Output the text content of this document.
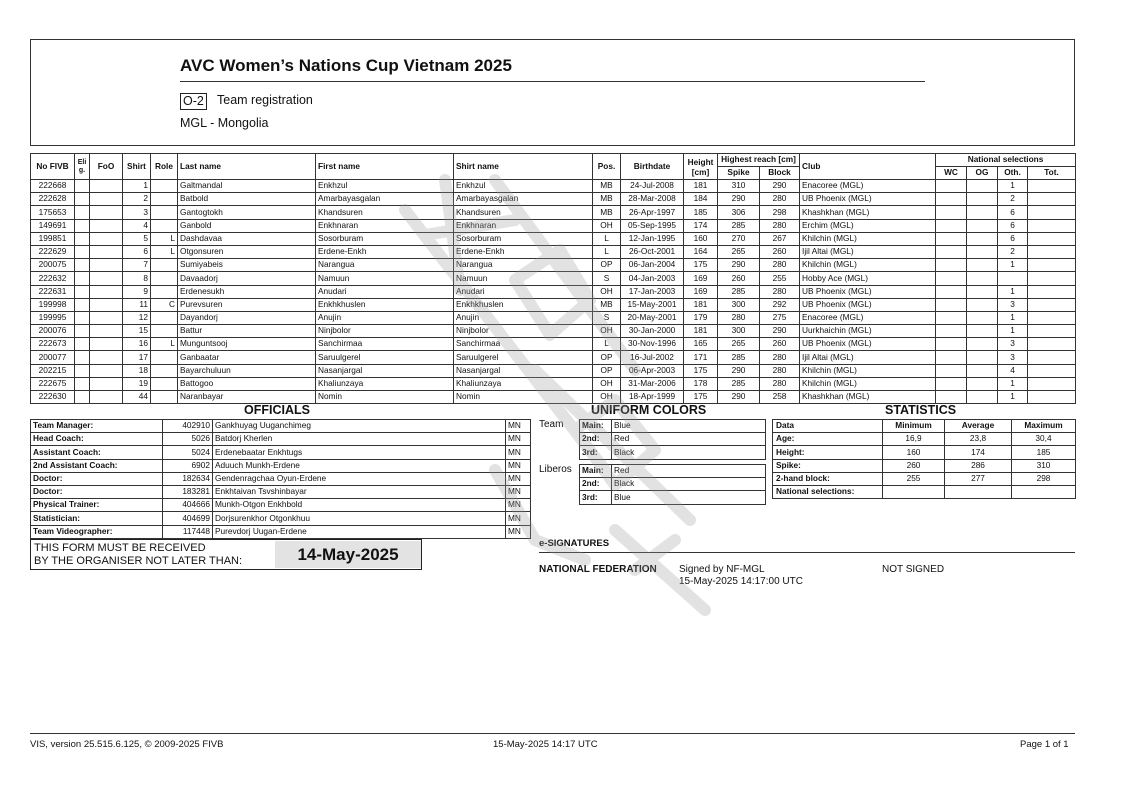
AVC Women’s Nations Cup Vietnam 2025
O-2 Team registration
MGL - Mongolia
No FIVB	Eli g.	FoO	Shirt	Role	Last name	First name	Shirt name	Pos.	Birthdate	Height [cm]	Highest reach [cm]		Club	National selections			
											Spike	Block		WC	OG	Oth.	Tot.
222668			1		Galtmandal	Enkhzul	Enkhzul	MB	24-Jul-2008	181	310	290	Enacoree (MGL)			1	
222628			2		Batbold	Amarbayasgalan	Amarbayasgalan	MB	28-Mar-2008	184	290	280	UB Phoenix (MGL)			2	
175653			3		Gantogtokh	Khandsuren	Khandsuren	MB	26-Apr-1997	185	306	298	Khashkhan (MGL)			6	
149691			4		Ganbold	Enkhnaran	Enkhnaran	OH	05-Sep-1995	174	285	280	Erchim (MGL)			6	
199851			5	L	Dashdavaa	Sosorburam	Sosorburam	L	12-Jan-1995	160	270	267	Khilchin (MGL)			6	
222629			6	L	Otgonsuren	Erdene-Enkh	Erdene-Enkh	L	26-Oct-2001	164	265	260	Ijil Altai (MGL)			2	
200075			7		Sumiyabeis	Narangua	Narangua	OP	06-Jan-2004	175	290	280	Khilchin (MGL)			1	
222632			8		Davaadorj	Namuun	Namuun	S	04-Jan-2003	169	260	255	Hobby Ace (MGL)				
222631			9		Erdenesukh	Anudari	Anudari	OH	17-Jan-2003	169	285	280	UB Phoenix (MGL)			1	
199998			11	C	Purevsuren	Enkhkhuslen	Enkhkhuslen	MB	15-May-2001	181	300	292	UB Phoenix (MGL)			3	
199995			12		Dayandorj	Anujin	Anujin	S	20-May-2001	179	280	275	Enacoree (MGL)			1	
200076			15		Battur	Ninjbolor	Ninjbolor	OH	30-Jan-2000	181	300	290	Uurkhaichin (MGL)			1	
222673			16	L	Munguntsooj	Sanchirmaa	Sanchirmaa	L	30-Nov-1996	165	265	260	UB Phoenix (MGL)			3	
200077			17		Ganbaatar	Saruulgerel	Saruulgerel	OP	16-Jul-2002	171	285	280	Ijil Altai (MGL)			3	
202215			18		Bayarchuluun	Nasanjargal	Nasanjargal	OP	06-Apr-2003	175	290	280	Khilchin (MGL)			4	
222675			19		Battogoo	Khaliunzaya	Khaliunzaya	OH	31-Mar-2006	178	285	280	Khilchin (MGL)			1	
222630			44		Naranbayar	Nomin	Nomin	OH	18-Apr-1999	175	290	258	Khashkhan (MGL)			1	
OFFICIALS
Team Manager:	402910	Gankhuyag Uuganchimeg	MN
Head Coach:	5026	Batdorj Kherlen	MN
Assistant Coach:	5024	Erdenebaatar Enkhtugs	MN
2nd Assistant Coach:	6902	Aduuch Munkh-Erdene	MN
Doctor:	182634	Gendenragchaa Oyun-Erdene	MN
Doctor:	183281	Enkhtaivan Tsvshinbayar	MN
Physical Trainer:	404666	Munkh-Otgon Enkhbold	MN
Statistician:	404699	Dorjsurenkhor Otgonkhuu	MN
Team Videographer:	117448	Purevdorj Uugan-Erdene	MN
UNIFORM COLORS
Team Main:	Blue
2nd:	Red
3rd:	Black
Liberos Main:	Red
2nd:	Black
3rd:	Blue
STATISTICS
Data	Minimum	Average	Maximum
Age:	16,9	23,8	30,4
Height:	160	174	185
Spike:	260	286	310
2-hand block:	255	277	298
National selections:			
THIS FORM MUST BE RECEIVED
BY THE ORGANISER NOT LATER THAN:	14-May-2025
e-SIGNATURES
NATIONAL FEDERATION Signed by NF-MGL
15-May-2025 14:17:00 UTC
NOT SIGNED
VIS, version 25.515.6.125, © 2009-2025 FIVB	15-May-2025 14:17 UTC	Page 1 of 1
